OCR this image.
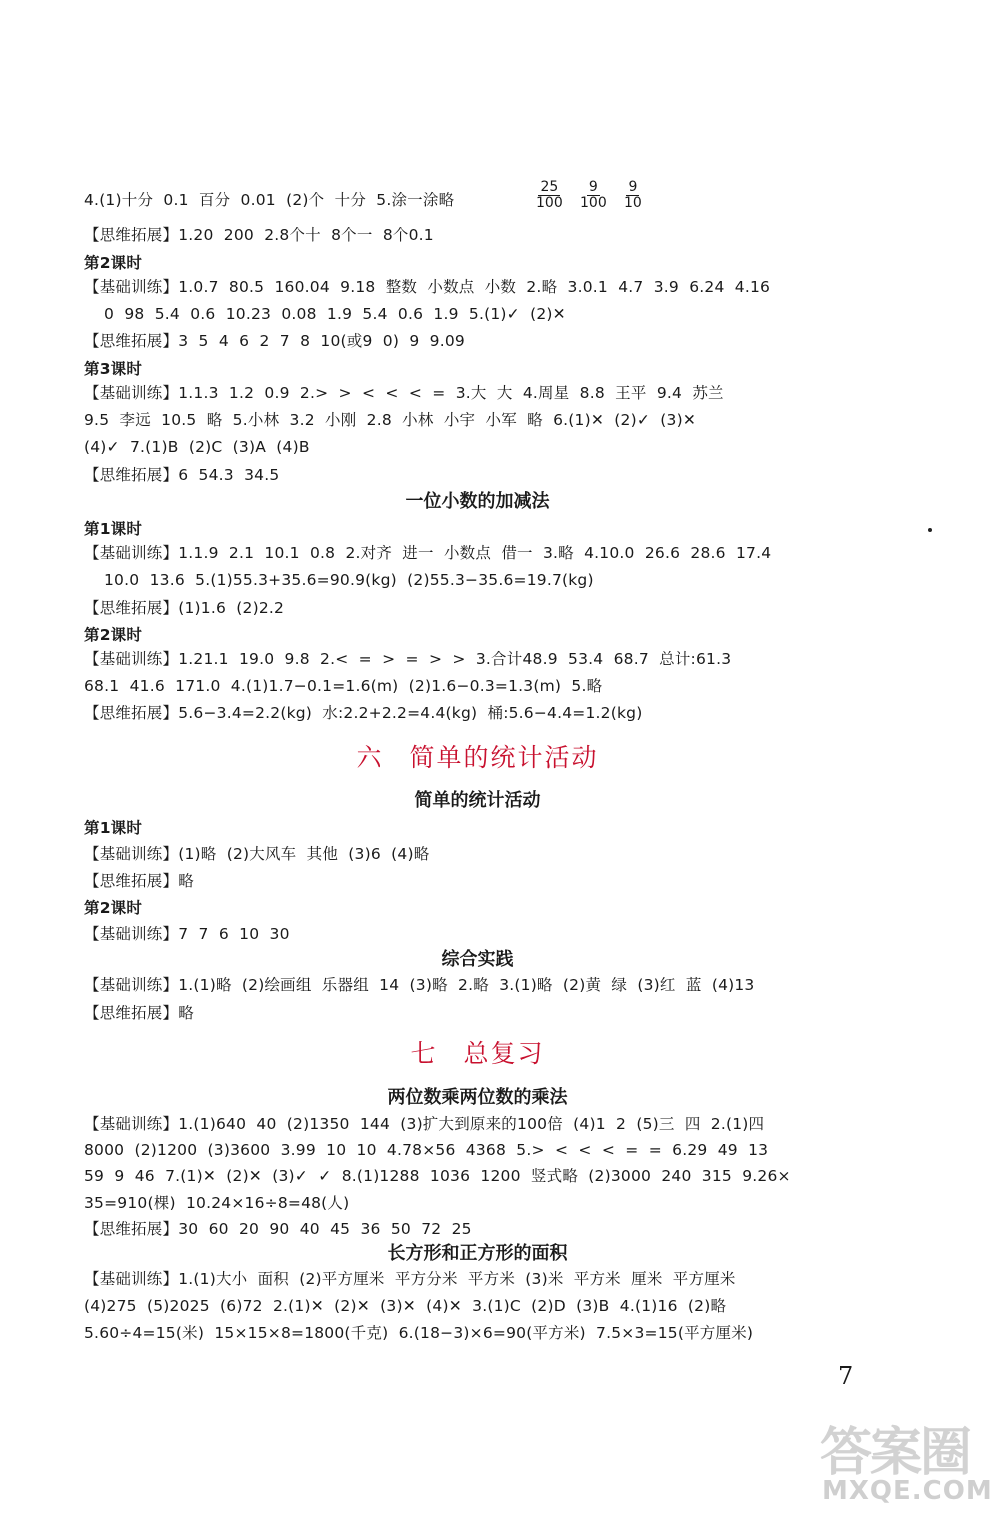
4.(1)十分  0.1  百分  0.01  (2)个  十分  5.涂一涂略	$\frac{25}{100} \frac{9}{100} \frac{9}{10}$
【思维拓展】1.20  200  2.8个十  8个一  8个0.1
第2课时
【基础训练】1.0.7  80.5  160.04  9.18  整数  小数点  小数  2.略  3.0.1  4.7  3.9  6.24  4.16
0  98  5.4  0.6  10.23  0.08  1.9  5.4  0.6  1.9  5.(1)✓  (2)✕
【思维拓展】3  5  4  6  2  7  8  10(或9  0)  9  9.09
第3课时
【基础训练】1.1.3  1.2  0.9  2.>  >  <  <  <  =  3.大  大  4.周星  8.8  王平  9.4  苏兰
9.5  李远  10.5  略  5.小林  3.2  小刚  2.8  小林  小宇  小军  略  6.(1)✕  (2)✓  (3)✕
(4)✓  7.(1)B  (2)C  (3)A  (4)B
【思维拓展】6  54.3  34.5
一位小数的加减法
第1课时
【基础训练】1.1.9  2.1  10.1  0.8  2.对齐  进一  小数点  借一  3.略  4.10.0  26.6  28.6  17.4
10.0  13.6  5.(1)55.3+35.6=90.9(kg)  (2)55.3−35.6=19.7(kg)
【思维拓展】(1)1.6  (2)2.2
第2课时
【基础训练】1.21.1  19.0  9.8  2.<  =  >  =  >  >  3.合计48.9  53.4  68.7  总计:61.3
68.1  41.6  171.0  4.(1)1.7−0.1=1.6(m)  (2)1.6−0.3=1.3(m)  5.略
【思维拓展】5.6−3.4=2.2(kg)  水:2.2+2.2=4.4(kg)  桶:5.6−4.4=1.2(kg)
六 简单的统计活动
简单的统计活动
第1课时
【基础训练】(1)略  (2)大风车  其他  (3)6  (4)略
【思维拓展】略
第2课时
【基础训练】7  7  6  10  30
综合实践
【基础训练】1.(1)略  (2)绘画组  乐器组  14  (3)略  2.略  3.(1)略  (2)黄  绿  (3)红  蓝  (4)13
【思维拓展】略
七 总复习
两位数乘两位数的乘法
【基础训练】1.(1)640  40  (2)1350  144  (3)扩大到原来的100倍  (4)1  2  (5)三  四  2.(1)四
8000  (2)1200  (3)3600  3.99  10  10  4.78×56  4368  5.>  <  <  <  =  =  6.29  49  13
59  9  46  7.(1)✕  (2)✕  (3)✓  ✓  8.(1)1288  1036  1200  竖式略  (2)3000  240  315  9.26×
35=910(棵)  10.24×16÷8=48(人)
【思维拓展】30  60  20  90  40  45  36  50  72  25
长方形和正方形的面积
【基础训练】1.(1)大小  面积  (2)平方厘米  平方分米  平方米  (3)米  平方米  厘米  平方厘米
(4)275  (5)2025  (6)72  2.(1)✕  (2)✕  (3)✕  (4)✕  3.(1)C  (2)D  (3)B  4.(1)16  (2)略
5.60÷4=15(米)  15×15×8=1800(千克)  6.(18−3)×6=90(平方米)  7.5×3=15(平方厘米)
7
答案圈
MXQE.COM
